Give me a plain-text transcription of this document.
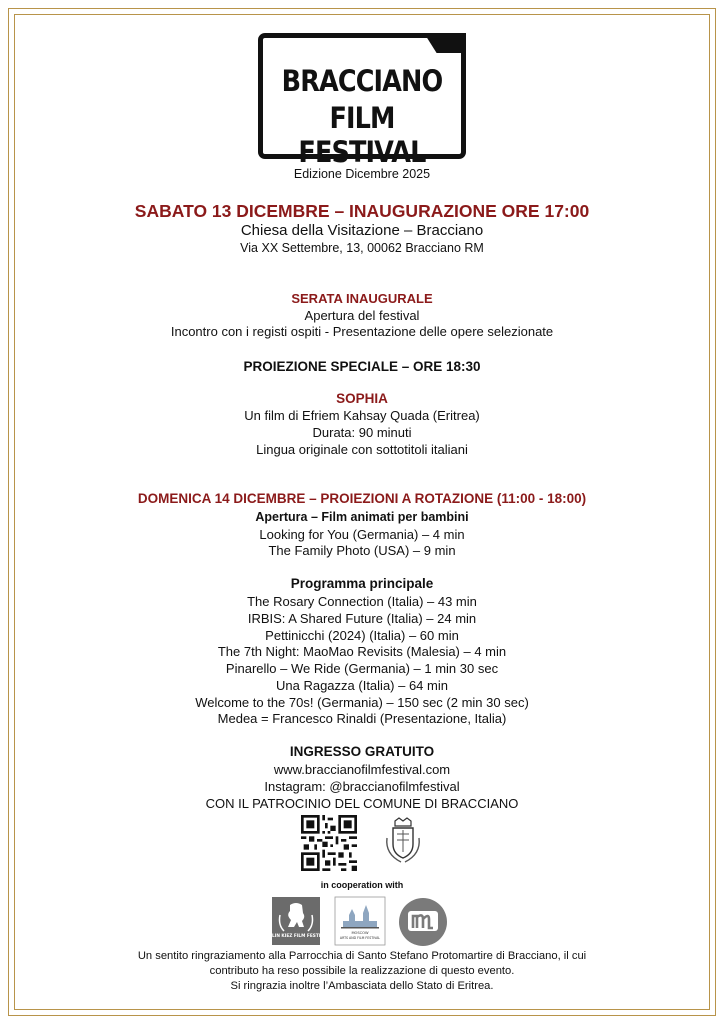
BRACCIANO
FILM FESTIVAL
Edizione Dicembre 2025
SABATO 13 DICEMBRE – INAUGURAZIONE ORE 17:00
Chiesa della Visitazione – Bracciano
Via XX Settembre, 13, 00062 Bracciano RM
SERATA INAUGURALE
Apertura del festival
Incontro con i registi ospiti - Presentazione delle opere selezionate
PROIEZIONE SPECIALE – ORE 18:30
SOPHIA
Un film di Efriem Kahsay Quada (Eritrea)
Durata: 90 minuti
Lingua originale con sottotitoli italiani
DOMENICA 14 DICEMBRE – PROIEZIONI A ROTAZIONE (11:00 - 18:00)
Apertura – Film animati per bambini
Looking for You (Germania) – 4 min
The Family Photo (USA) – 9 min
Programma principale
The Rosary Connection (Italia) – 43 min
IRBIS: A Shared Future (Italia) – 24 min
Pettinicchi (2024) (Italia) – 60 min
The 7th Night: MaoMao Revisits (Malesia) – 4 min
Pinarello – We Ride (Germania) – 1 min 30 sec
Una Ragazza (Italia) – 64 min
Welcome to the 70s! (Germania) – 150 sec (2 min 30 sec)
Medea = Francesco Rinaldi (Presentazione, Italia)
INGRESSO GRATUITO
www.braccianofilmfestival.com
Instagram: @braccianofilmfestival
CON IL PATROCINIO DEL COMUNE DI BRACCIANO
in cooperation with
BERLIN KIEZ FILM FESTIVAL
MOSCOW
ARTS AND FILM FESTIVAL
Un sentito ringraziamento alla Parrocchia di Santo Stefano Protomartire di Bracciano, il cui
contributo ha reso possibile la realizzazione di questo evento.
Si ringrazia inoltre l’Ambasciata dello Stato di Eritrea.
